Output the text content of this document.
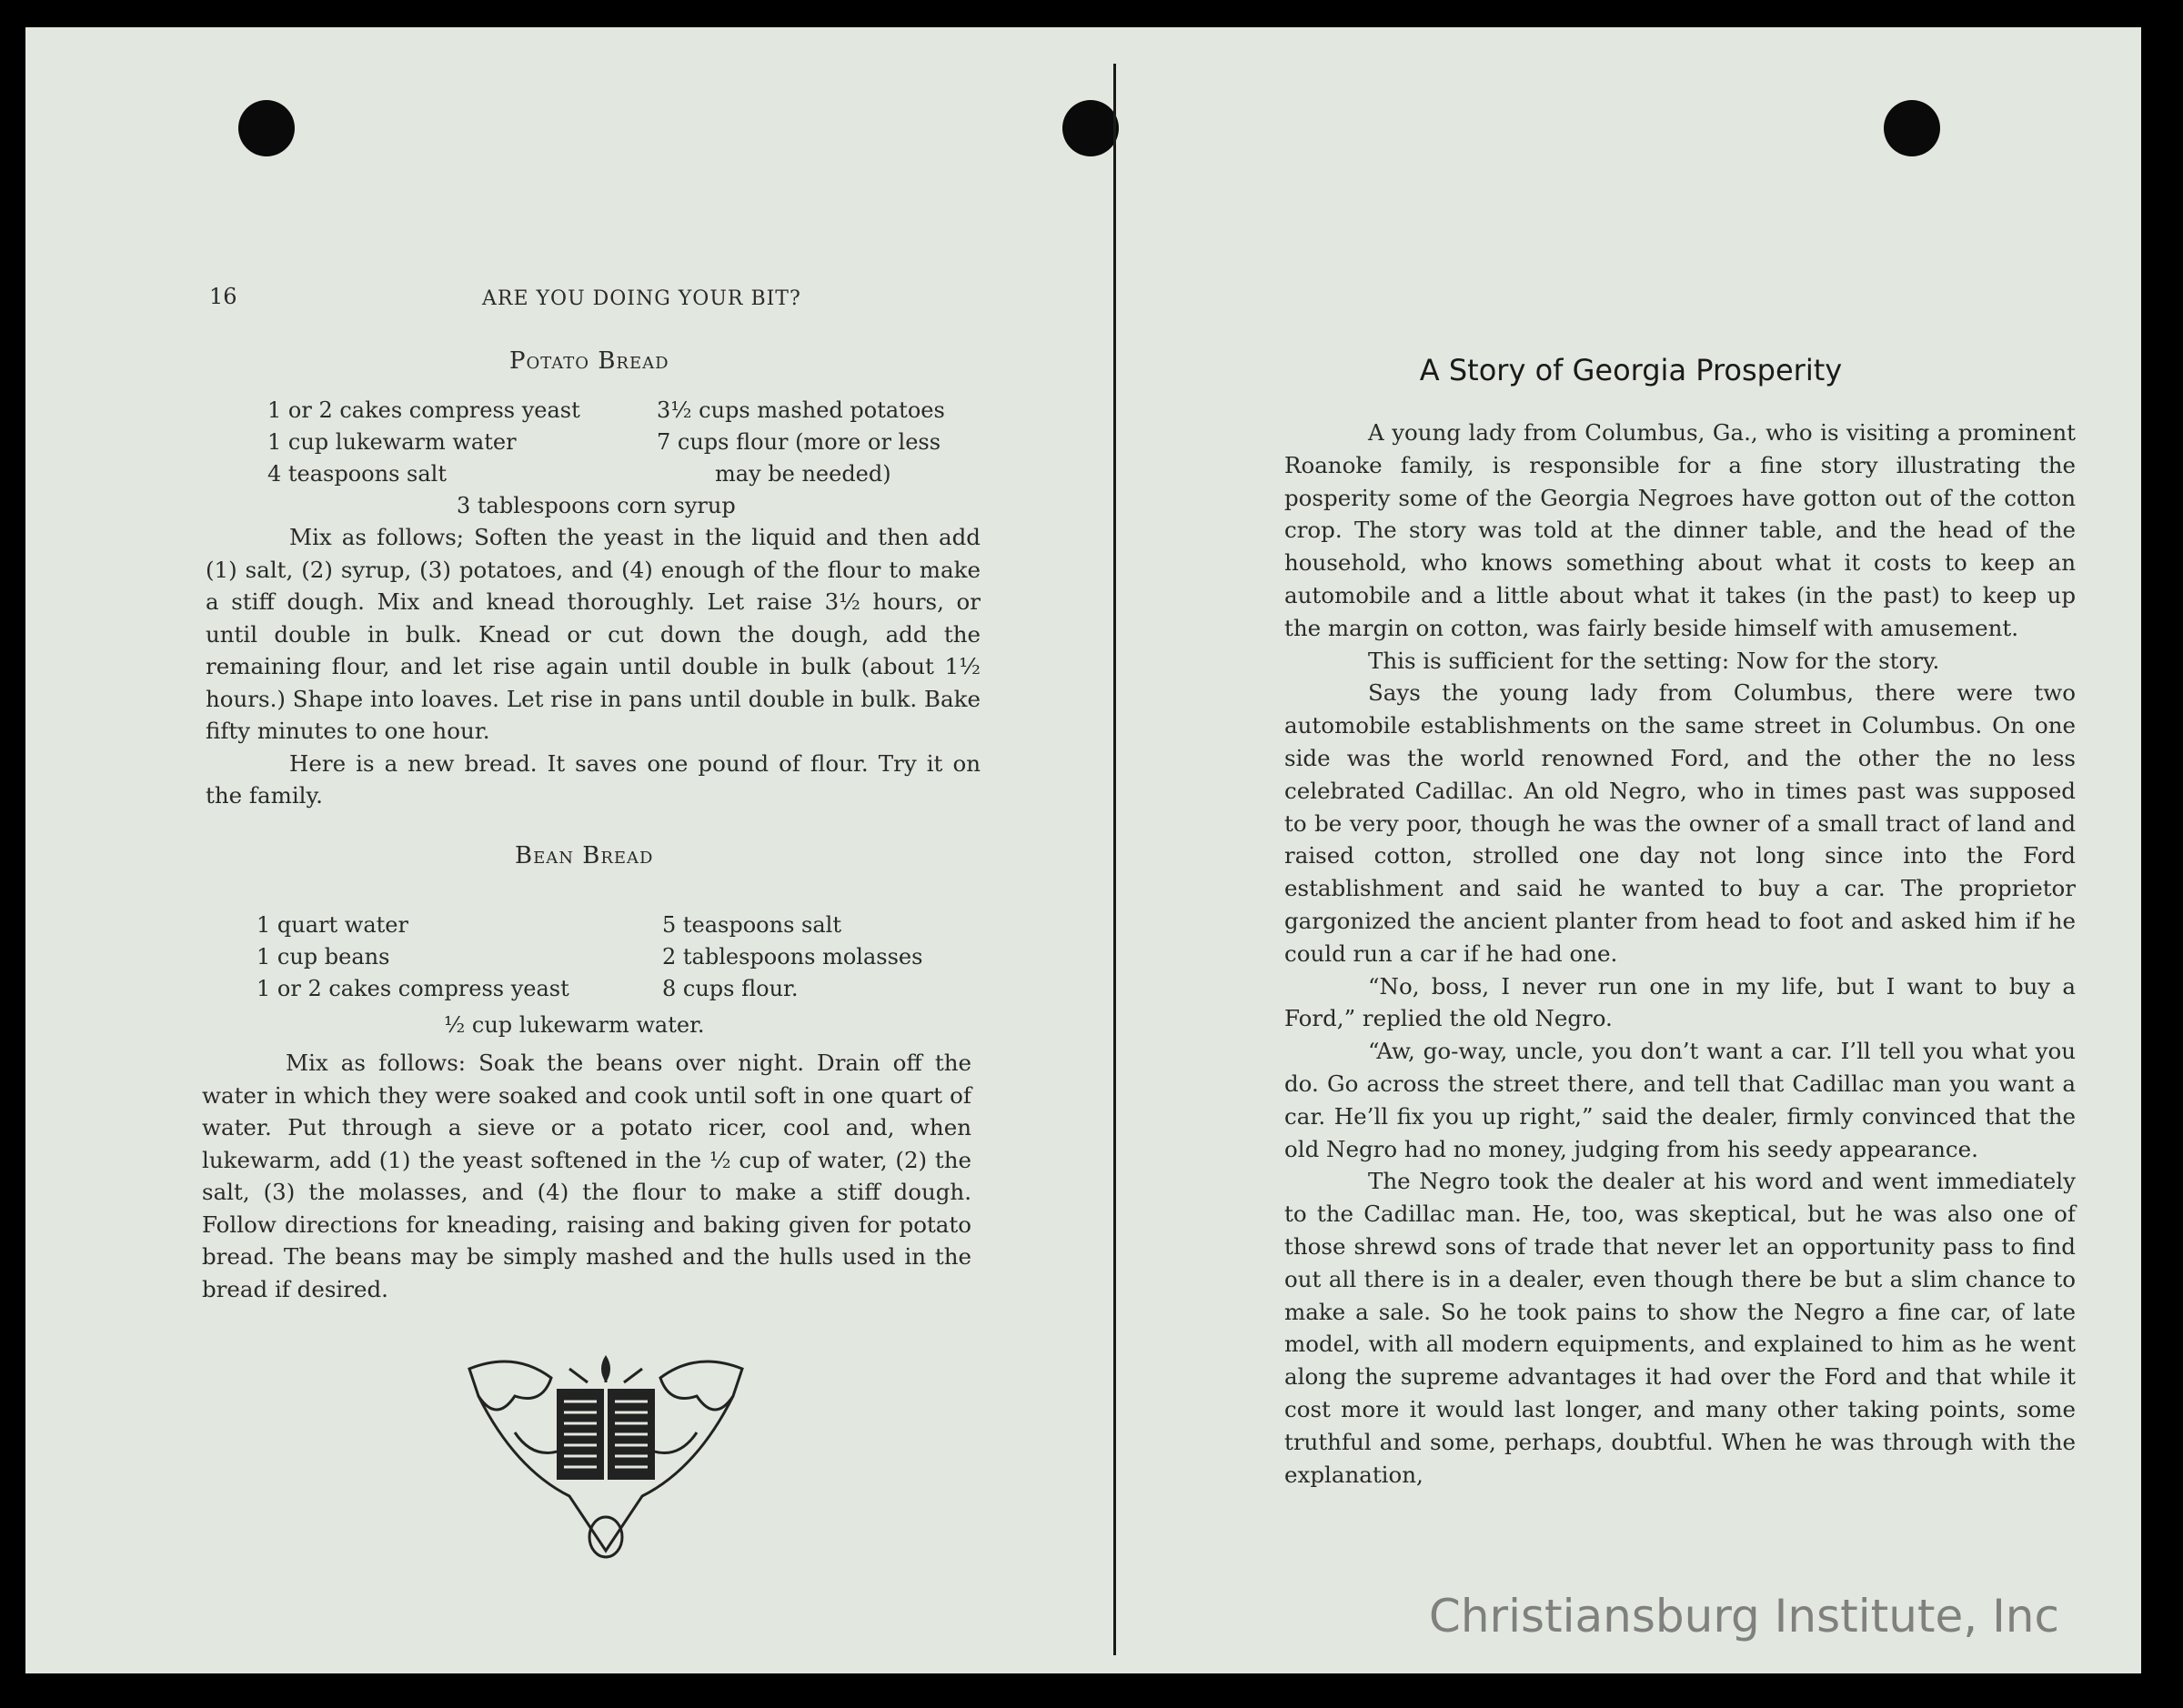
16	ARE YOU DOING YOUR BIT?
Potato Bread
1 or 2 cakes compress yeast
1 cup lukewarm water
4 teaspoons salt
3½ cups mashed potatoes
7 cups flour (more or less
may be needed)
3 tablespoons corn syrup

Mix as follows; Soften the yeast in the liquid and then add (1) salt, (2) syrup, (3) potatoes, and (4) enough of the flour to make a stiff dough. Mix and knead thoroughly. Let raise 3½ hours, or until double in bulk. Knead or cut down the dough, add the remaining flour, and let rise again until double in bulk (about 1½ hours.) Shape into loaves. Let rise in pans until double in bulk. Bake fifty minutes to one hour.

Here is a new bread. It saves one pound of flour. Try it on the family.

Bean Bread
1 quart water
1 cup beans
1 or 2 cakes compress yeast
5 teaspoons salt
2 tablespoons molasses
8 cups flour.
½ cup lukewarm water.

Mix as follows: Soak the beans over night. Drain off the water in which they were soaked and cook until soft in one quart of water. Put through a sieve or a potato ricer, cool and, when lukewarm, add (1) the yeast softened in the ½ cup of water, (2) the salt, (3) the molasses, and (4) the flour to make a stiff dough. Follow directions for kneading, raising and baking given for potato bread. The beans may be simply mashed and the hulls used in the bread if desired.

A Story of Georgia Prosperity

A young lady from Columbus, Ga., who is visiting a prominent Roanoke family, is responsible for a fine story illustrating the posperity some of the Georgia Negroes have gotton out of the cotton crop. The story was told at the dinner table, and the head of the household, who knows something about what it costs to keep an automobile and a little about what it takes (in the past) to keep up the margin on cotton, was fairly beside himself with amusement.

This is sufficient for the setting: Now for the story.

Says the young lady from Columbus, there were two automobile establishments on the same street in Columbus. On one side was the world renowned Ford, and the other the no less celebrated Cadillac. An old Negro, who in times past was supposed to be very poor, though he was the owner of a small tract of land and raised cotton, strolled one day not long since into the Ford establishment and said he wanted to buy a car. The proprietor gargonized the ancient planter from head to foot and asked him if he could run a car if he had one.

“No, boss, I never run one in my life, but I want to buy a Ford,” replied the old Negro.

“Aw, go-way, uncle, you don’t want a car. I’ll tell you what you do. Go across the street there, and tell that Cadillac man you want a car. He’ll fix you up right,” said the dealer, firmly convinced that the old Negro had no money, judging from his seedy appearance.

The Negro took the dealer at his word and went immediately to the Cadillac man. He, too, was skeptical, but he was also one of those shrewd sons of trade that never let an opportunity pass to find out all there is in a dealer, even though there be but a slim chance to make a sale. So he took pains to show the Negro a fine car, of late model, with all modern equipments, and explained to him as he went along the supreme advantages it had over the Ford and that while it cost more it would last longer, and many other taking points, some truthful and some, perhaps, doubtful. When he was through with the explanation,

Christiansburg Institute, Inc
